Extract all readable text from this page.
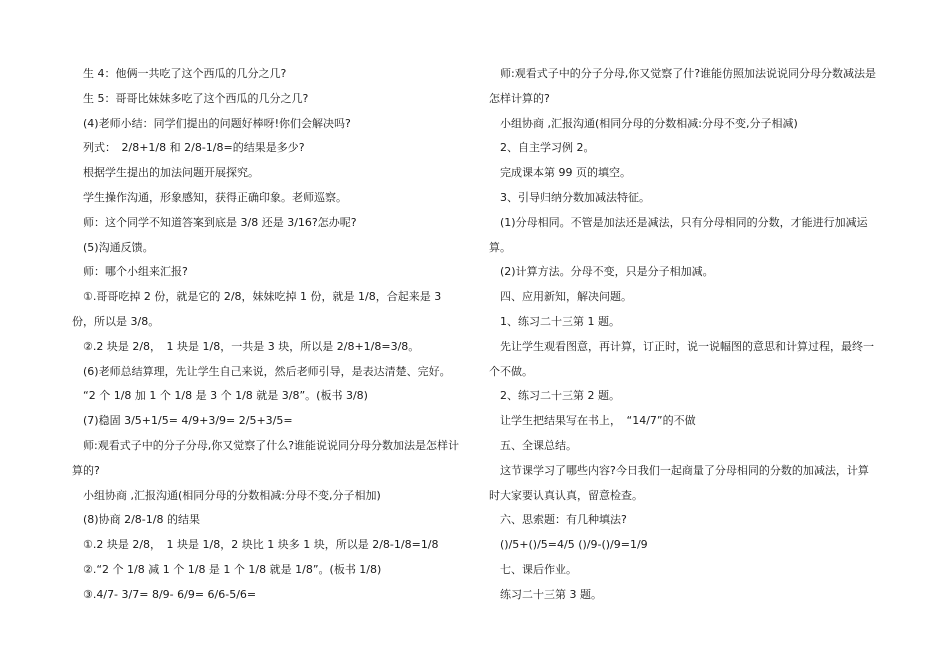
生 4：他俩一共吃了这个西瓜的几分之几?

生 5：哥哥比妹妹多吃了这个西瓜的几分之几?

(4)老师小结：同学们提出的问题好棒呀!你们会解决吗?

列式：　2/8+1/8 和 2/8-1/8=的结果是多少?

根据学生提出的加法问题开展探究。

学生操作沟通，形象感知，获得正确印象。老师巡察。

师：这个同学不知道答案到底是 3/8 还是 3/16?怎办呢?

(5)沟通反馈。

师：哪个小组来汇报?

①.哥哥吃掉 2 份，就是它的 2/8，妹妹吃掉 1 份，就是 1/8，合起来是 3 份，所以是 3/8。

②.2 块是 2/8，　1 块是 1/8，一共是 3 块，所以是 2/8+1/8=3/8。

(6)老师总结算理，先让学生自己来说，然后老师引导，是表达清楚、完好。

“2 个 1/8 加 1 个 1/8 是 3 个 1/8 就是 3/8”。(板书 3/8)

(7)稳固 3/5+1/5= 4/9+3/9= 2/5+3/5=

师:观看式子中的分子分母,你又觉察了什么?谁能说说同分母分数加法是怎样计算的?

小组协商 ,汇报沟通(相同分母的分数相减:分母不变,分子相加)

(8)协商 2/8-1/8 的结果

①.2 块是 2/8，　1 块是 1/8，2 块比 1 块多 1 块，所以是 2/8-1/8=1/8

②.“2 个 1/8 减 1 个 1/8 是 1 个 1/8 就是 1/8”。(板书 1/8)

③.4/7- 3/7= 8/9- 6/9= 6/6-5/6=

师:观看式子中的分子分母,你又觉察了什?谁能仿照加法说说同分母分数减法是怎样计算的?

小组协商 ,汇报沟通(相同分母的分数相减:分母不变,分子相减)

2、自主学习例 2。

完成课本第 99 页的填空。

3、引导归纳分数加减法特征。

(1)分母相同。不管是加法还是减法，只有分母相同的分数，才能进行加减运算。

(2)计算方法。分母不变，只是分子相加减。

四、应用新知，解决问题。

1、练习二十三第 1 题。

先让学生观看图意，再计算，订正时，说一说幅图的意思和计算过程，最终一个不做。

2、练习二十三第 2 题。

让学生把结果写在书上，　“14/7”的不做

五、全课总结。

这节课学习了哪些内容?今日我们一起商量了分母相同的分数的加减法，计算时大家要认真认真，留意检查。

六、思索题：有几种填法?

()/5+()/5=4/5 ()/9-()/9=1/9

七、课后作业。

练习二十三第 3 题。
